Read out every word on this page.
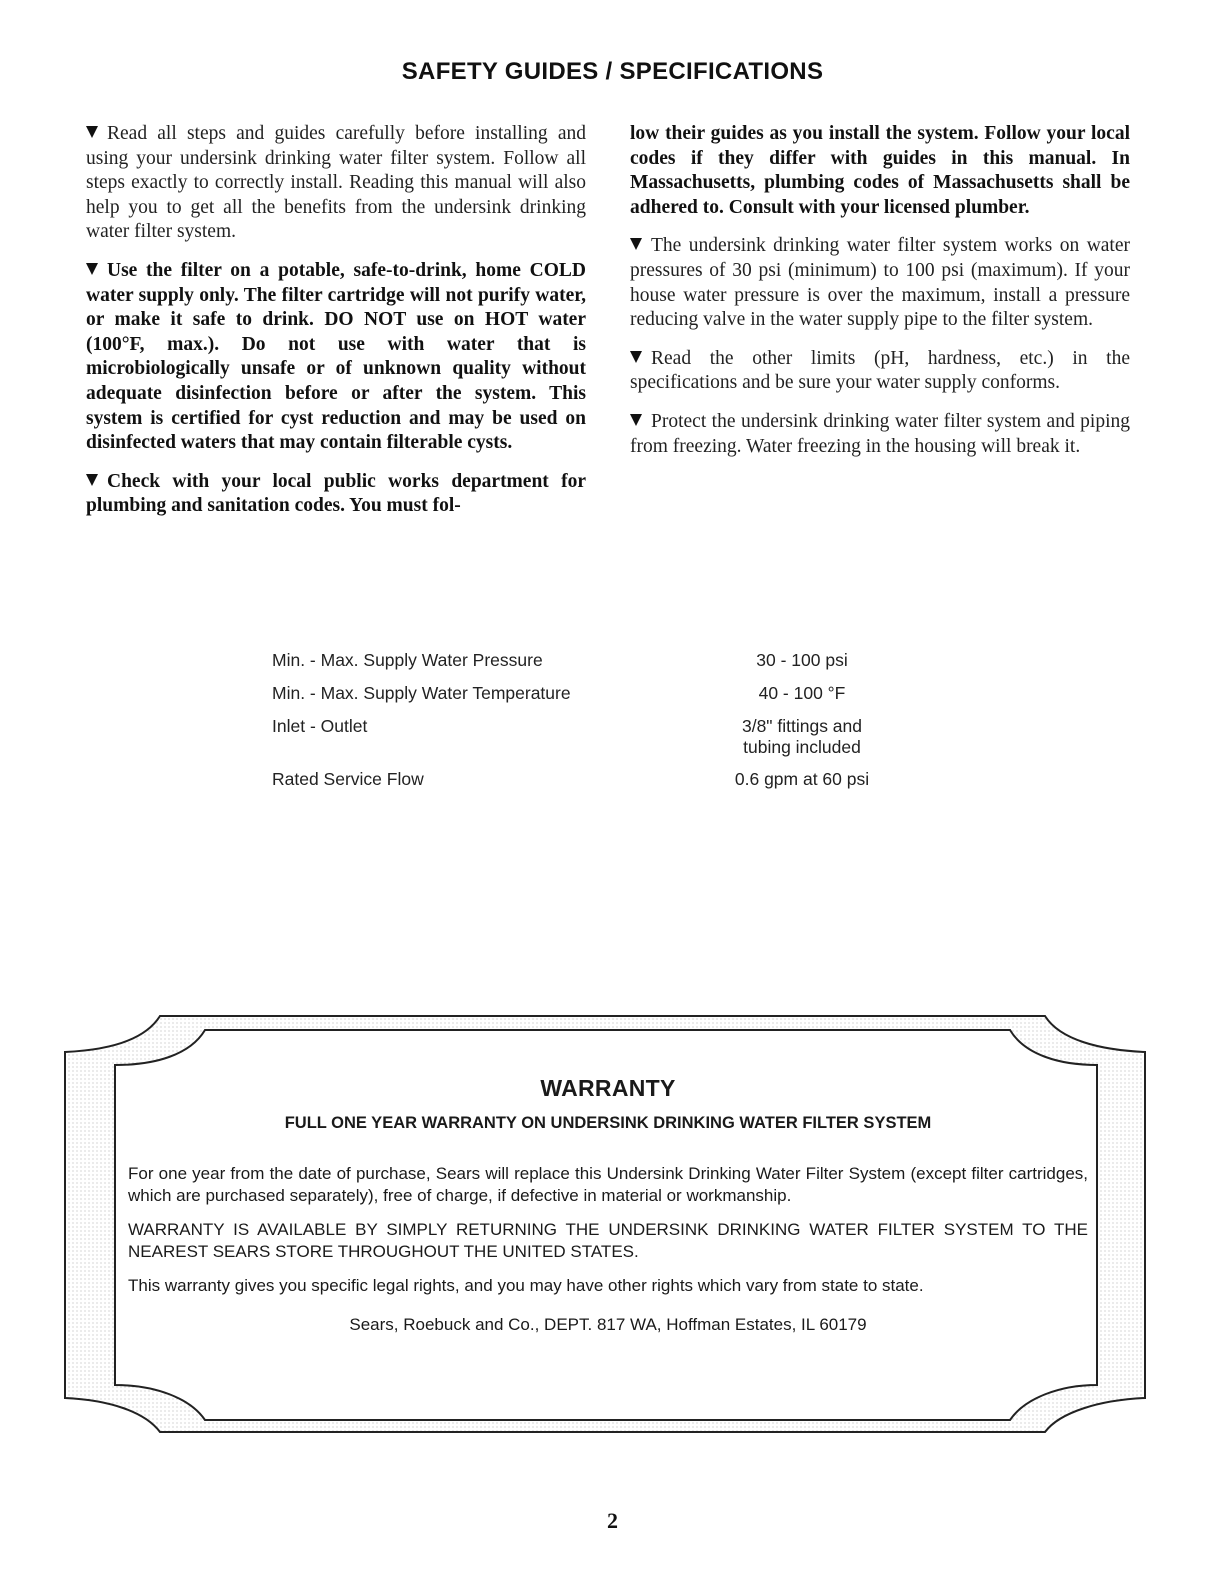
SAFETY GUIDES / SPECIFICATIONS

Read all steps and guides carefully before installing and using your undersink drinking water filter system. Follow all steps exactly to correctly install. Reading this manual will also help you to get all the benefits from the undersink drinking water filter system.

Use the filter on a potable, safe-to-drink, home COLD water supply only. The filter cartridge will not purify water, or make it safe to drink. DO NOT use on HOT water (100°F, max.). Do not use with water that is microbiologically unsafe or of unknown quality without adequate disinfection before or after the system. This system is certified for cyst reduction and may be used on disinfected waters that may contain filterable cysts.

Check with your local public works department for plumbing and sanitation codes. You must fol-

low their guides as you install the system. Follow your local codes if they differ with guides in this manual. In Massachusetts, plumbing codes of Massachusetts shall be adhered to. Consult with your licensed plumber.

The undersink drinking water filter system works on water pressures of 30 psi (minimum) to 100 psi (maximum). If your house water pressure is over the maximum, install a pressure reducing valve in the water supply pipe to the filter system.

Read the other limits (pH, hardness, etc.) in the specifications and be sure your water supply conforms.

Protect the undersink drinking water filter system and piping from freezing. Water freezing in the housing will break it.

Min. - Max. Supply Water Pressure	30 - 100 psi
Min. - Max. Supply Water Temperature	40 - 100 °F
Inlet - Outlet	3/8" fittings and tubing included
Rated Service Flow	0.6 gpm at 60 psi

WARRANTY

FULL ONE YEAR WARRANTY ON UNDERSINK DRINKING WATER FILTER SYSTEM

For one year from the date of purchase, Sears will replace this Undersink Drinking Water Filter System (except filter cartridges, which are purchased separately), free of charge, if defective in material or workmanship.

WARRANTY IS AVAILABLE BY SIMPLY RETURNING THE UNDERSINK DRINKING WATER FILTER SYSTEM TO THE NEAREST SEARS STORE THROUGHOUT THE UNITED STATES.

This warranty gives you specific legal rights, and you may have other rights which vary from state to state.

Sears, Roebuck and Co., DEPT. 817 WA, Hoffman Estates, IL 60179

2
